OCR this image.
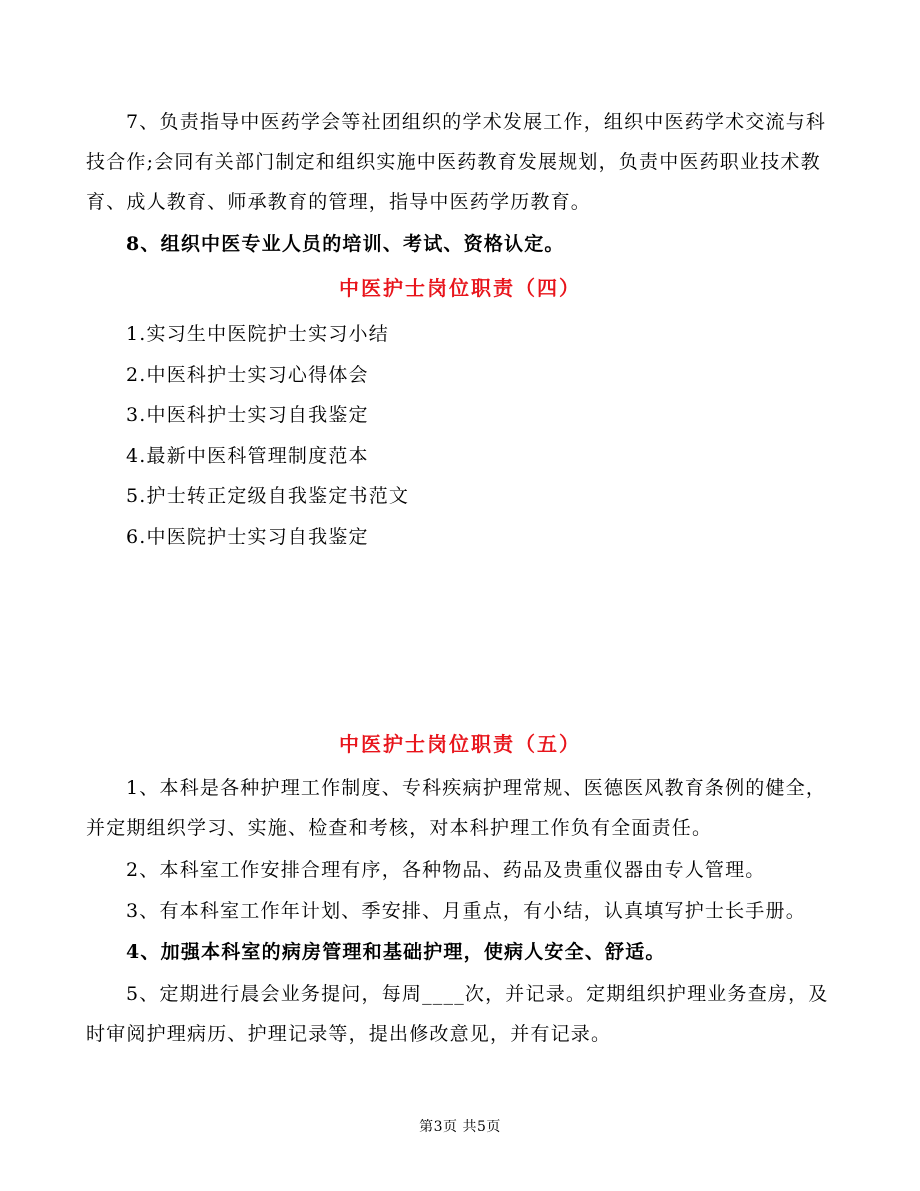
7、负责指导中医药学会等社团组织的学术发展工作，组织中医药学术交流与科技合作;会同有关部门制定和组织实施中医药教育发展规划，负责中医药职业技术教育、成人教育、师承教育的管理，指导中医药学历教育。

8、组织中医专业人员的培训、考试、资格认定。

中医护士岗位职责（四）
1.实习生中医院护士实习小结
2.中医科护士实习心得体会
3.中医科护士实习自我鉴定
4.最新中医科管理制度范本
5.护士转正定级自我鉴定书范文
6.中医院护士实习自我鉴定
中医护士岗位职责（五）

1、本科是各种护理工作制度、专科疾病护理常规、医德医风教育条例的健全，并定期组织学习、实施、检查和考核，对本科护理工作负有全面责任。

2、本科室工作安排合理有序，各种物品、药品及贵重仪器由专人管理。

3、有本科室工作年计划、季安排、月重点，有小结，认真填写护士长手册。

4、加强本科室的病房管理和基础护理，使病人安全、舒适。

5、定期进行晨会业务提问，每周____次，并记录。定期组织护理业务查房，及时审阅护理病历、护理记录等，提出修改意见，并有记录。

第3页 共5页
